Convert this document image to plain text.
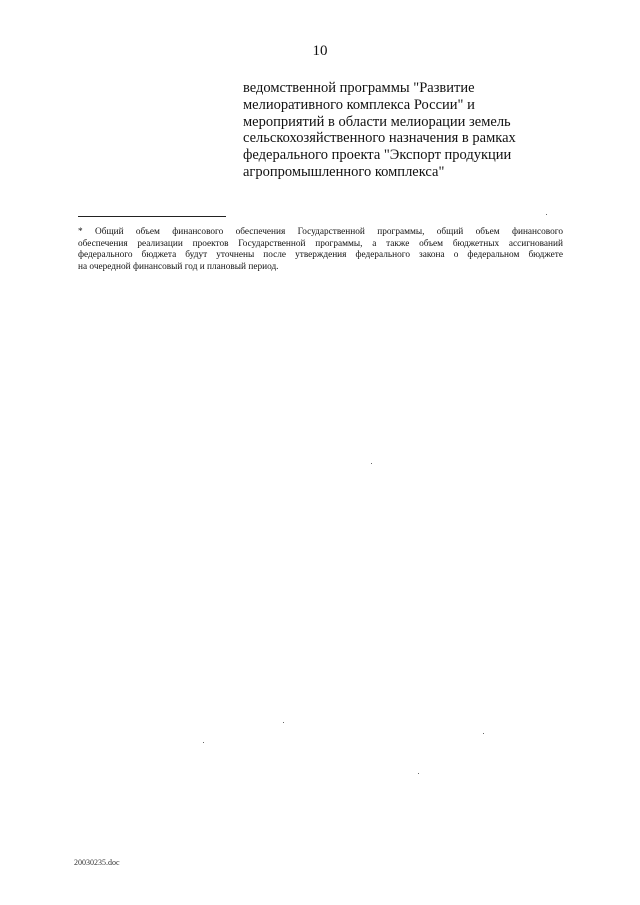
10
ведомственной программы "Развитие
мелиоративного комплекса России" и
мероприятий в области мелиорации земель
сельскохозяйственного назначения в рамках
федерального проекта "Экспорт продукции
агропромышленного комплекса"
* Общий объем финансового обеспечения Государственной программы, общий объем финансового
обеспечения реализации проектов Государственной программы, а также объем бюджетных ассигнований
федерального бюджета будут уточнены после утверждения федерального закона о федеральном бюджете
на очередной финансовый год и плановый период.
20030235.doc
